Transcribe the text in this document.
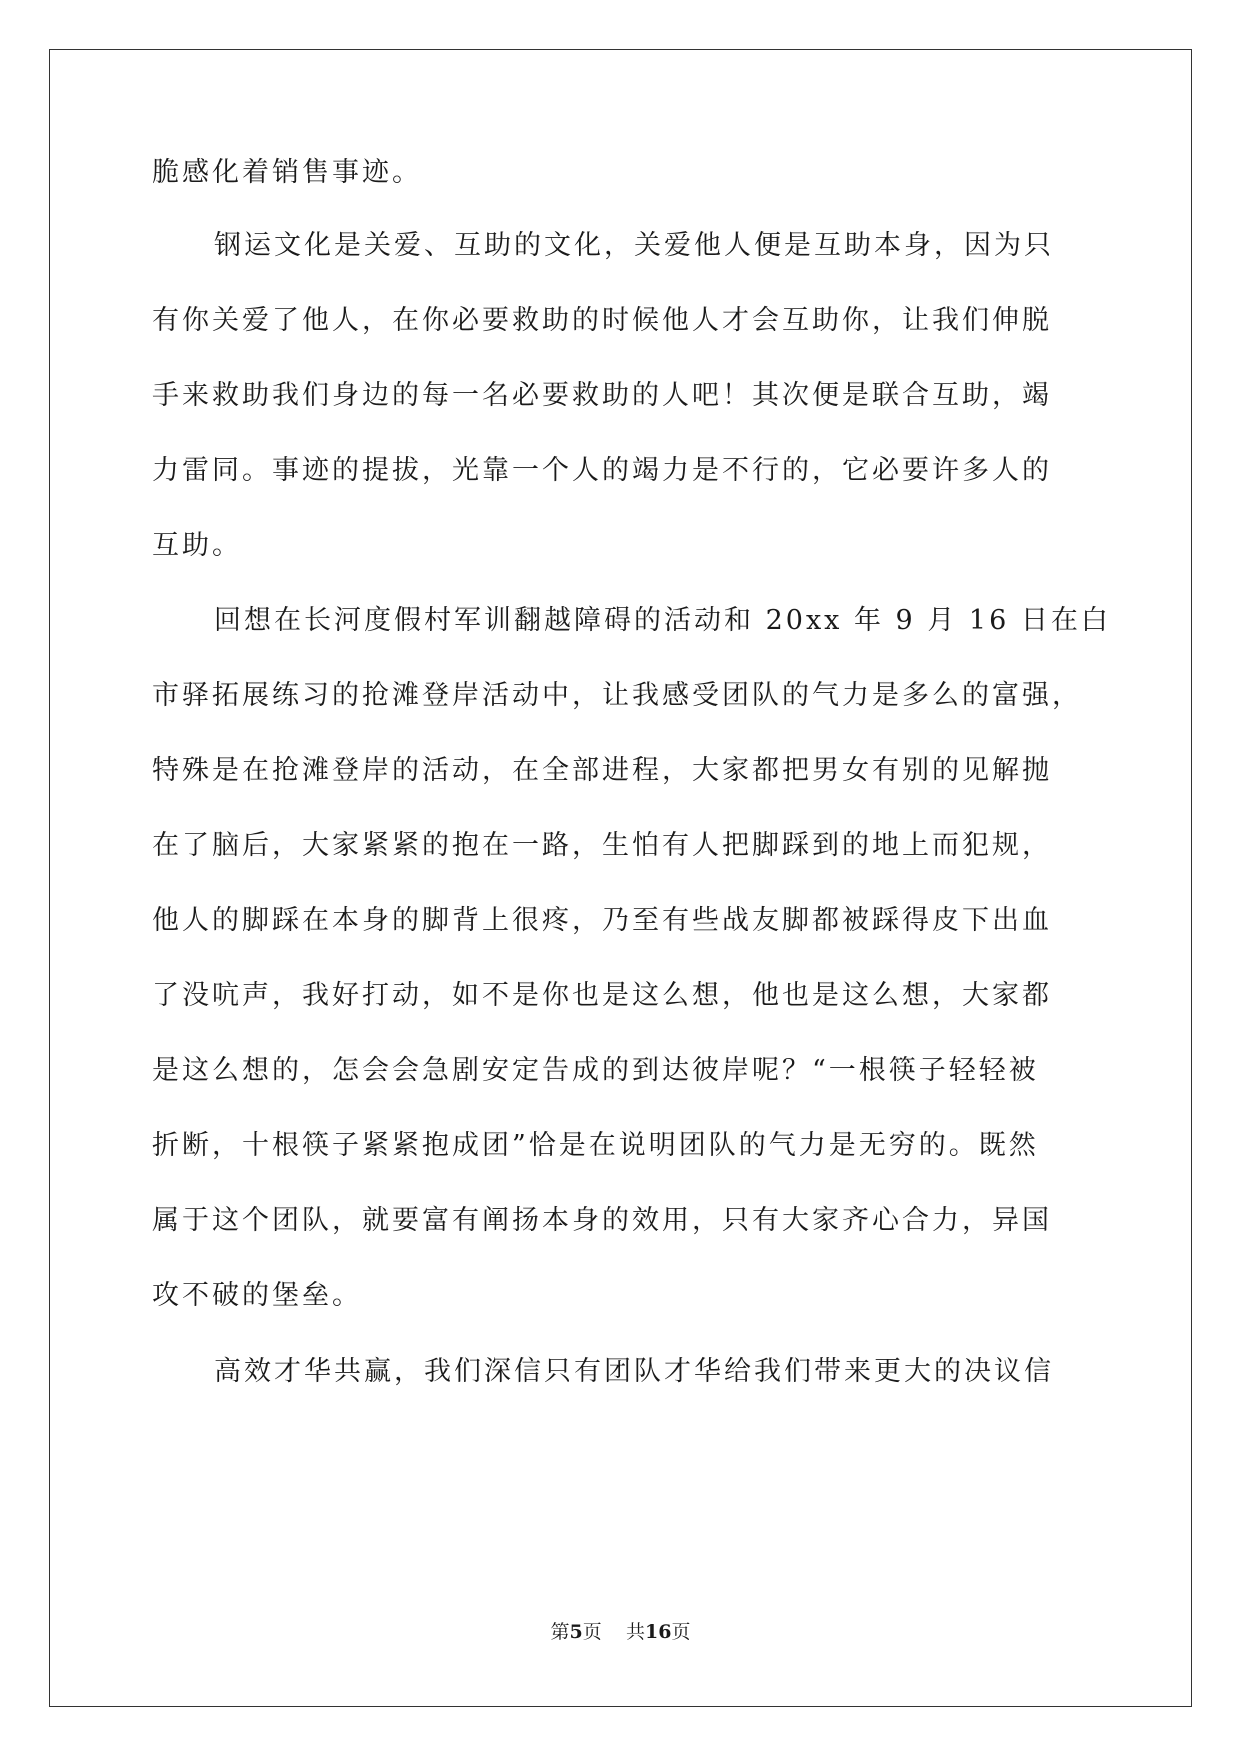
脆感化着销售事迹。
钢运文化是关爱、互助的文化，关爱他人便是互助本身，因为只
有你关爱了他人，在你必要救助的时候他人才会互助你，让我们伸脱
手来救助我们身边的每一名必要救助的人吧！其次便是联合互助，竭
力雷同。事迹的提拔，光靠一个人的竭力是不行的，它必要许多人的
互助。
回想在长河度假村军训翻越障碍的活动和 20xx 年 9 月 16 日在白
市驿拓展练习的抢滩登岸活动中，让我感受团队的气力是多么的富强，
特殊是在抢滩登岸的活动，在全部进程，大家都把男女有别的见解抛
在了脑后，大家紧紧的抱在一路，生怕有人把脚踩到的地上而犯规，
他人的脚踩在本身的脚背上很疼，乃至有些战友脚都被踩得皮下出血
了没吭声，我好打动，如不是你也是这么想，他也是这么想，大家都
是这么想的，怎会会急剧安定告成的到达彼岸呢？“一根筷子轻轻被
折断，十根筷子紧紧抱成团”恰是在说明团队的气力是无穷的。既然
属于这个团队，就要富有阐扬本身的效用，只有大家齐心合力，异国
攻不破的堡垒。
高效才华共赢，我们深信只有团队才华给我们带来更大的决议信
第5页 共16页
